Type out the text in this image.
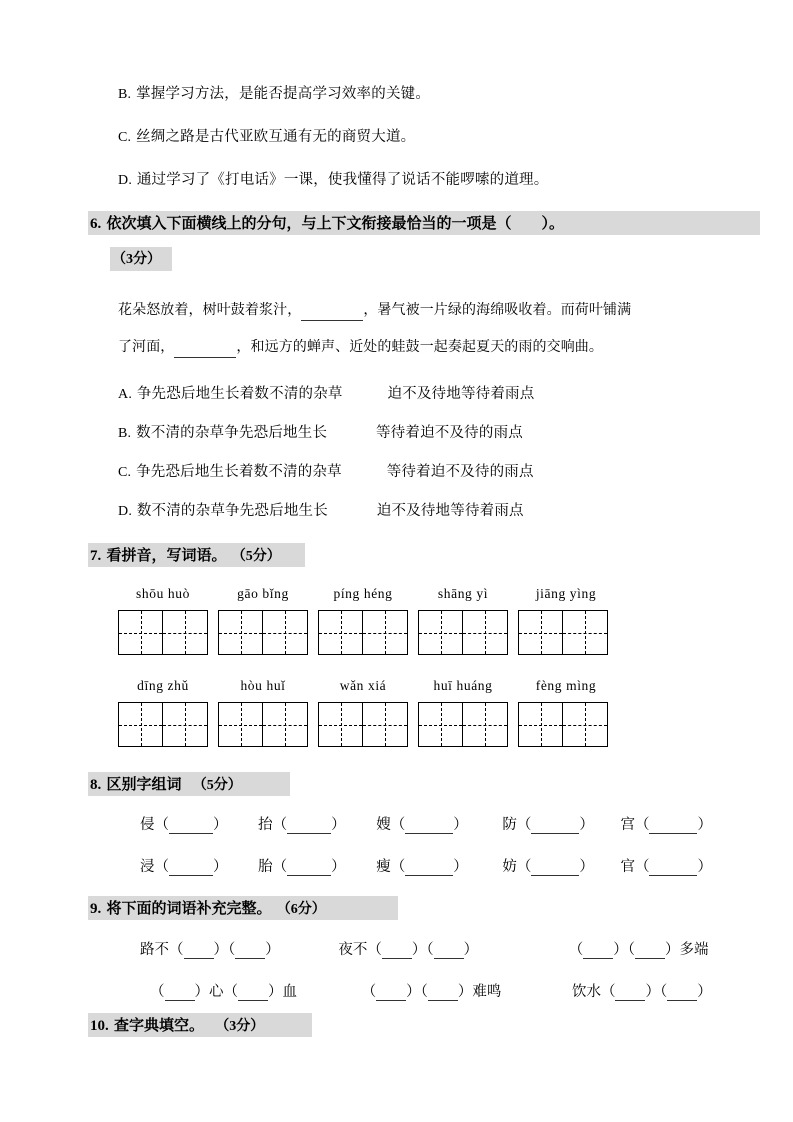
B. 掌握学习方法，是能否提高学习效率的关键。
C. 丝绸之路是古代亚欧互通有无的商贸大道。
D. 通过学习了《打电话》一课，使我懂得了说话不能啰嗦的道理。
6. 依次填入下面横线上的分句，与上下文衔接最恰当的一项是（　　）。
（3分）
花朵怒放着，树叶鼓着浆汁，	，暑气被一片绿的海绵吸收着。而荷叶铺满
了河面，	，和远方的蝉声、近处的蛙鼓一起奏起夏天的雨的交响曲。
A. 争先恐后地生长着数不清的杂草	迫不及待地等待着雨点
B. 数不清的杂草争先恐后地生长	等待着迫不及待的雨点
C. 争先恐后地生长着数不清的杂草	等待着迫不及待的雨点
D. 数不清的杂草争先恐后地生长	迫不及待地等待着雨点
7. 看拼音，写词语。 （5分）
shōu huò	gāo bǐng	píng héng	shāng yì	jiāng yìng
dīng zhǔ	hòu huǐ	wǎn xiá	huī huáng	fèng mìng
8. 区别字组词 （5分）
侵（	） 抬（	） 嫂（	） 防（	） 宫（	）
浸（	） 胎（	） 瘦（	） 妨（	） 官（	）
9. 将下面的词语补充完整。 （6分）
路不（ ）（ ）	夜不（ ）（ ）	（ ）（ ）多端
（ ）心（ ）血	（ ）（ ）难鸣	饮水（ ）（ ）
10. 查字典填空。 （3分）
